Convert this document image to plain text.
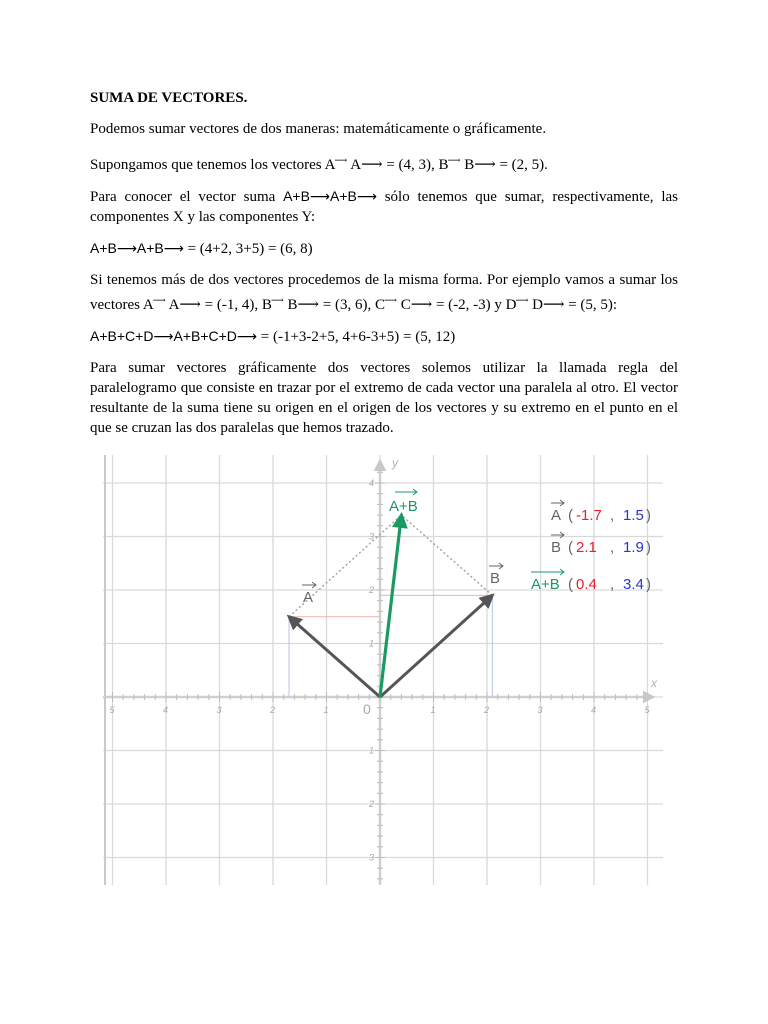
SUMA DE VECTORES.

Podemos sumar vectores de dos maneras: matemáticamente o gráficamente.

Supongamos que tenemos los vectores A⟶ A⟶ = (4, 3), B⟶ B⟶ = (2, 5).

Para conocer el vector suma A+B⟶A+B⟶ sólo tenemos que sumar, respectivamente, las componentes X y las componentes Y:

A+B⟶A+B⟶ = (4+2, 3+5) = (6, 8)

Si tenemos más de dos vectores procedemos de la misma forma. Por ejemplo vamos a sumar los vectores A⟶ A⟶ = (-1, 4), B⟶ B⟶ = (3, 6), C⟶ C⟶ = (-2, -3) y D⟶ D⟶ = (5, 5):

A+B+C+D⟶A+B+C+D⟶ = (-1+3-2+5, 4+6-3+5) = (5, 12)

Para sumar vectores gráficamente dos vectores solemos utilizar la llamada regla del paralelogramo que consiste en trazar por el extremo de cada vector una paralela al otro. El vector resultante de la suma tiene su origen en el origen de los vectores y su extremo en el punto en el que se cruzan las dos paralelas que hemos trazado.

x
y
0
5	4	3	2	1	1	2	3	4	5
4
3
2
1
1
2
3
A
B
A+B
A ( -1.7 , 1.5 )
B ( 2.1 , 1.9 )
A+B ( 0.4 , 3.4 )
